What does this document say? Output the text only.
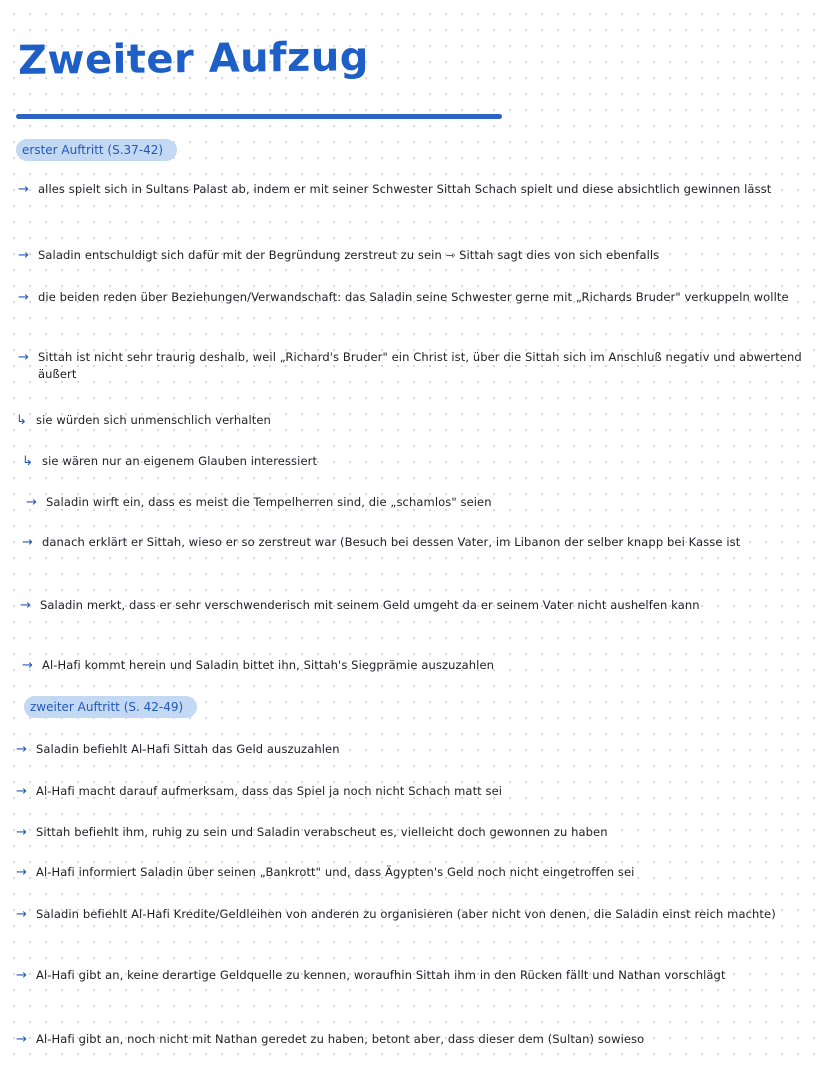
Zweiter Aufzug
erster Auftritt (S.37-42)
→ alles spielt sich in Sultans Palast ab, indem er mit seiner Schwester Sittah Schach spielt und diese absichtlich gewinnen lässt
→ Saladin entschuldigt sich dafür mit der Begründung zerstreut zu sein ⇾ Sittah sagt dies von sich ebenfalls
→ die beiden reden über Beziehungen/Verwandschaft: das Saladin seine Schwester gerne mit „Richards Bruder" verkuppeln wollte
→ Sittah ist nicht sehr traurig deshalb, weil „Richard's Bruder" ein Christ ist, über die Sittah sich im Anschluß negativ und abwertend äußert
↳ sie würden sich unmenschlich verhalten
↳ sie wären nur an eigenem Glauben interessiert
→ Saladin wirft ein, dass es meist die Tempelherren sind, die „schamlos" seien
→ danach erklärt er Sittah, wieso er so zerstreut war (Besuch bei dessen Vater, im Libanon der selber knapp bei Kasse ist
→ Saladin merkt, dass er sehr verschwenderisch mit seinem Geld umgeht da er seinem Vater nicht aushelfen kann
→ Al-Hafi kommt herein und Saladin bittet ihn, Sittah's Siegprämie auszuzahlen
zweiter Auftritt (S. 42-49)
→ Saladin befiehlt Al-Hafi Sittah das Geld auszuzahlen
→ Al-Hafi macht darauf aufmerksam, dass das Spiel ja noch nicht Schach matt sei
→ Sittah befiehlt ihm, ruhig zu sein und Saladin verabscheut es, vielleicht doch gewonnen zu haben
→ Al-Hafi informiert Saladin über seinen „Bankrott" und, dass Ägypten's Geld noch nicht eingetroffen sei
→ Saladin befiehlt Al-Hafi Kredite/Geldleihen von anderen zu organisieren (aber nicht von denen, die Saladin einst reich machte)
→ Al-Hafi gibt an, keine derartige Geldquelle zu kennen, woraufhin Sittah ihm in den Rücken fällt und Nathan vorschlägt
→ Al-Hafi gibt an, noch nicht mit Nathan geredet zu haben, betont aber, dass dieser dem (Sultan) sowieso
